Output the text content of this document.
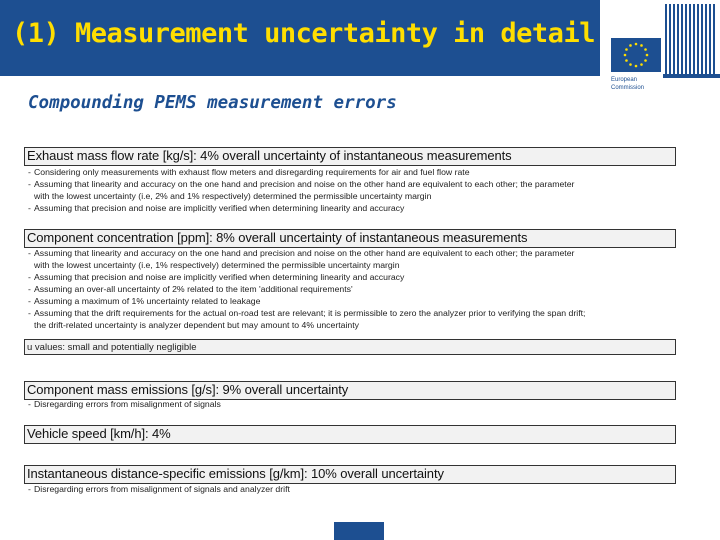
(1) Measurement uncertainty in detail
European
Commission
Compounding PEMS measurement errors
Exhaust mass flow rate [kg/s]: 4% overall uncertainty of instantaneous measurements
- Considering only measurements with exhaust flow meters and disregarding requirements for air and fuel flow rate
- Assuming that linearity and accuracy on the one hand and precision and noise on the other hand are equivalent to each other; the parameter
with the lowest uncertainty (i.e, 2% and 1% respectively) determined the permissible uncertainty margin
- Assuming that precision and noise are implicitly verified when determining linearity and accuracy
Component concentration [ppm]: 8% overall uncertainty of instantaneous measurements
- Assuming that linearity and accuracy on the one hand and precision and noise on the other hand are equivalent to each other; the parameter
with the lowest uncertainty (i.e, 1% respectively) determined the permissible uncertainty margin
- Assuming that precision and noise are implicitly verified when determining linearity and accuracy
- Assuming an over-all uncertainty of 2% related to the item 'additional requirements'
- Assuming a maximum of 1% uncertainty related to leakage
- Assuming that the drift requirements for the actual on-road test are relevant; it is permissible to zero the analyzer prior to verifying the span drift;
the drift-related uncertainty is analyzer dependent but may amount to 4% uncertainty
u values: small and potentially negligible
Component mass emissions [g/s]: 9% overall uncertainty
- Disregarding errors from misalignment of signals
Vehicle speed [km/h]: 4%
Instantaneous distance-specific emissions [g/km]: 10% overall uncertainty
- Disregarding errors from misalignment of signals and analyzer drift
